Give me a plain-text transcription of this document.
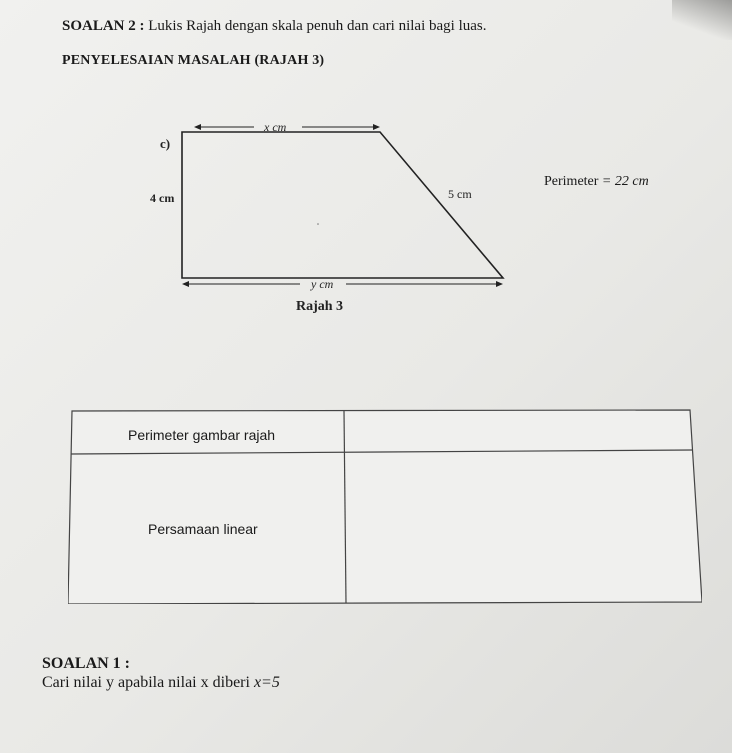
SOALAN 2 : Lukis Rajah dengan skala penuh dan cari nilai bagi luas.
PENYELESAIAN MASALAH (RAJAH 3)
c)
x cm
4 cm	5 cm
y cm
Rajah 3
Perimeter = 22 cm
Perimeter gambar rajah
Persamaan linear
SOALAN 1 :
Cari nilai y apabila nilai x diberi x=5
